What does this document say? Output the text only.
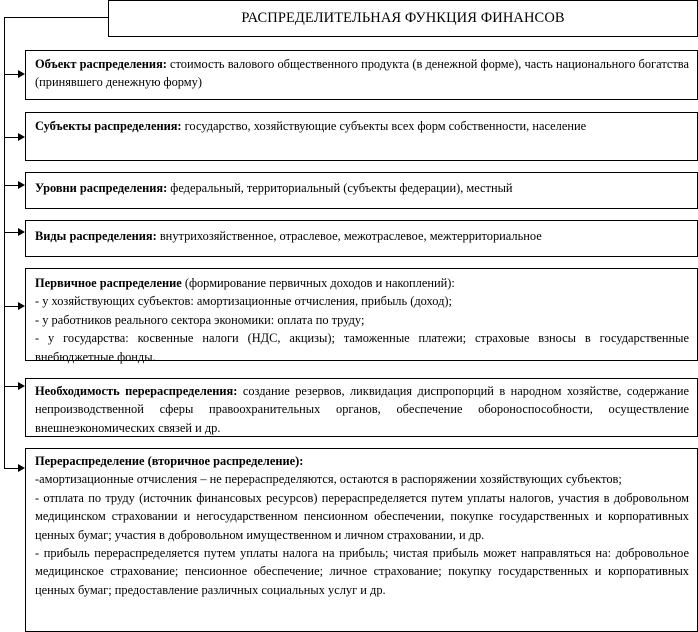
РАСПРЕДЕЛИТЕЛЬНАЯ ФУНКЦИЯ ФИНАНСОВ
Объект распределения: стоимость валового общественного продукта (в денежной форме), часть национального богатства (принявшего денежную форму)
Субъекты распределения: государство, хозяйствующие субъекты всех форм собственности, население
Уровни распределения: федеральный, территориальный (субъекты федерации), местный
Виды распределения: внутрихозяйственное, отраслевое, межотраслевое, межтерриториальное
Первичное распределение (формирование первичных доходов и накоплений):
- у хозяйствующих субъектов: амортизационные отчисления, прибыль (доход);
- у работников реального сектора экономики: оплата по труду;
- у государства: косвенные налоги (НДС, акцизы); таможенные платежи; страховые взносы в государственные внебюджетные фонды.
Необходимость перераспределения: создание резервов, ликвидация диспропорций в народном хозяйстве, содержание непроизводственной сферы правоохранительных органов, обеспечение обороноспособности, осуществление внешнеэкономических связей и др.
Перераспределение (вторичное распределение):
-амортизационные отчисления – не перераспределяются, остаются в распоряжении хозяйствующих субъектов;
- отплата по труду (источник финансовых ресурсов) перераспределяется путем уплаты налогов, участия в добровольном медицинском страховании и негосударственном пенсионном обеспечении, покупке государственных и корпоративных ценных бумаг; участия в добровольном имущественном и личном страховании, и др.
- прибыль перераспределяется путем уплаты налога на прибыль; чистая прибыль может направляться на: добровольное медицинское страхование; пенсионное обеспечение; личное страхование; покупку государственных и корпоративных ценных бумаг; предоставление различных социальных услуг и др.
